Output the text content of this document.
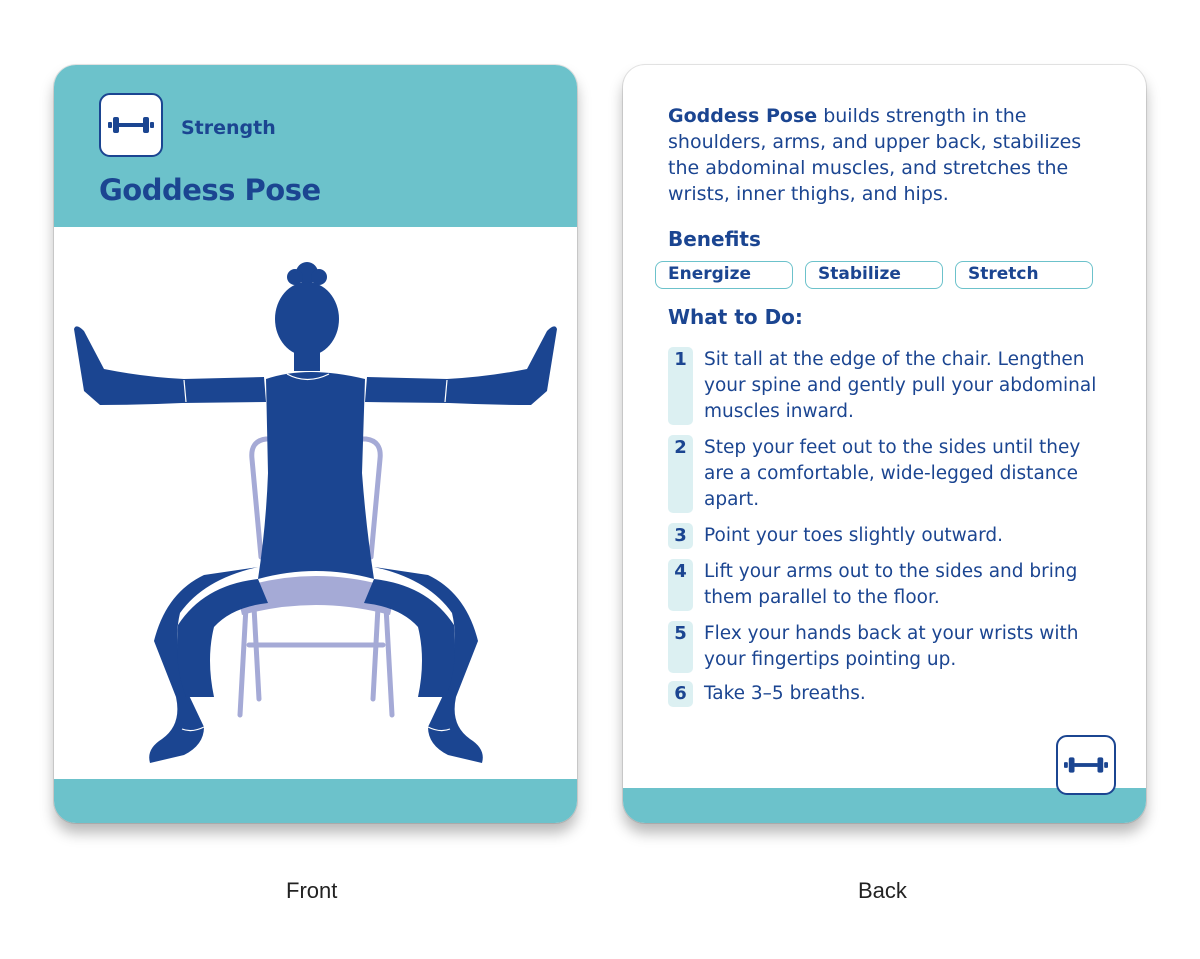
Strength
Goddess Pose
Goddess Pose builds strength in the shoulders, arms, and upper back, stabilizes the abdominal muscles, and stretches the wrists, inner thighs, and hips.
Benefits
Energize	Stabilize	Stretch
What to Do:
1 Sit tall at the edge of the chair. Lengthen your spine and gently pull your abdominal muscles inward.
2 Step your feet out to the sides until they are a comfortable, wide-legged distance apart.
3 Point your toes slightly outward.
4 Lift your arms out to the sides and bring them parallel to the floor.
5 Flex your hands back at your wrists with your fingertips pointing up.
6 Take 3–5 breaths.
Front	Back
